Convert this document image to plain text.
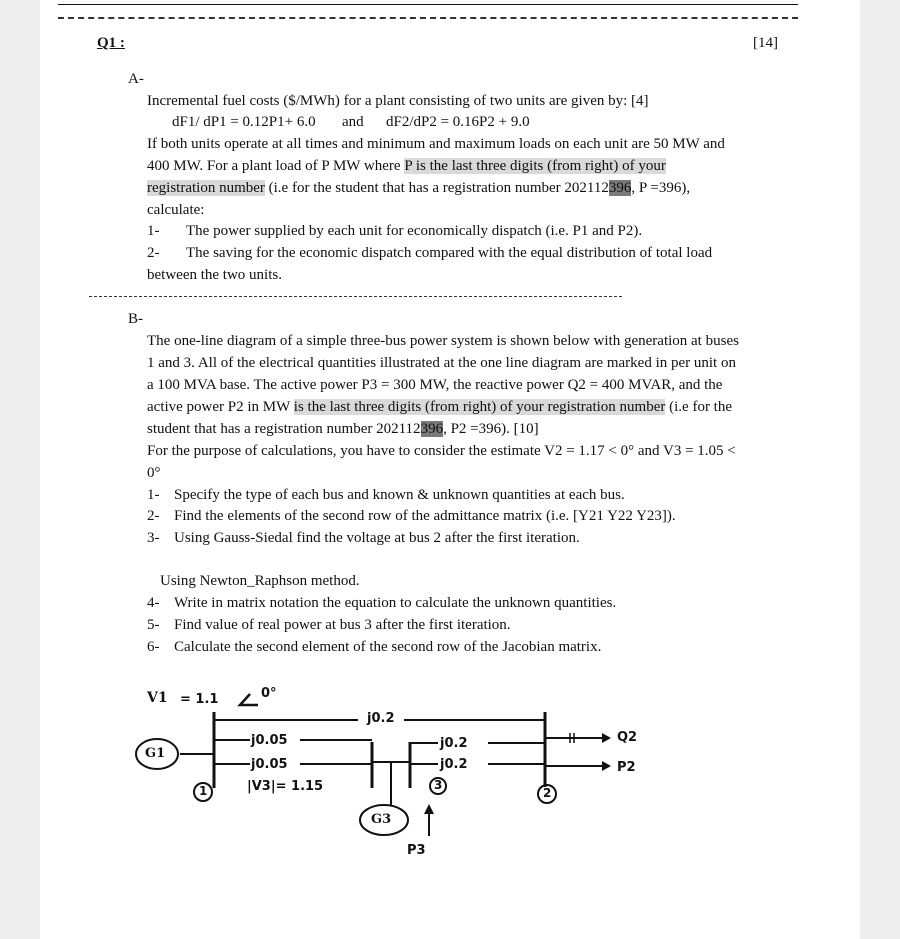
Q1 :	[14]
A-
Incremental fuel costs ($/MWh) for a plant consisting of two units are given by: [4]
dF1/ dP1 = 0.12P1+ 6.0 and dF2/dP2 = 0.16P2 + 9.0
If both units operate at all times and minimum and maximum loads on each unit are 50 MW and
400 MW. For a plant load of P MW where P is the last three digits (from right) of your
registration number (i.e for the student that has a registration number 202112396, P =396),
calculate:
1- The power supplied by each unit for economically dispatch (i.e. P1 and P2).
2- The saving for the economic dispatch compared with the equal distribution of total load
between the two units.
B-
The one-line diagram of a simple three-bus power system is shown below with generation at buses
1 and 3. All of the electrical quantities illustrated at the one line diagram are marked in per unit on
a 100 MVA base. The active power P3 = 300 MW, the reactive power Q2 = 400 MVAR, and the
active power P2 in MW is the last three digits (from right) of your registration number (i.e for the
student that has a registration number 202112396, P2 =396). [10]
For the purpose of calculations, you have to consider the estimate V2 = 1.17 < 0° and V3 = 1.05 <
0°
1- Specify the type of each bus and known & unknown quantities at each bus.
2- Find the elements of the second row of the admittance matrix (i.e. [Y21 Y22 Y23]).
3- Using Gauss-Siedal find the voltage at bus 2 after the first iteration.
Using Newton_Raphson method.
4- Write in matrix notation the equation to calculate the unknown quantities.
5- Find value of real power at bus 3 after the first iteration.
6- Calculate the second element of the second row of the Jacobian matrix.
V1 = 1.1	0°
j0.2
j0.05
j0.05
|V3|= 1.15
j0.2
j0.2
Q2
P2
P3
G1
G3
1	3
2
